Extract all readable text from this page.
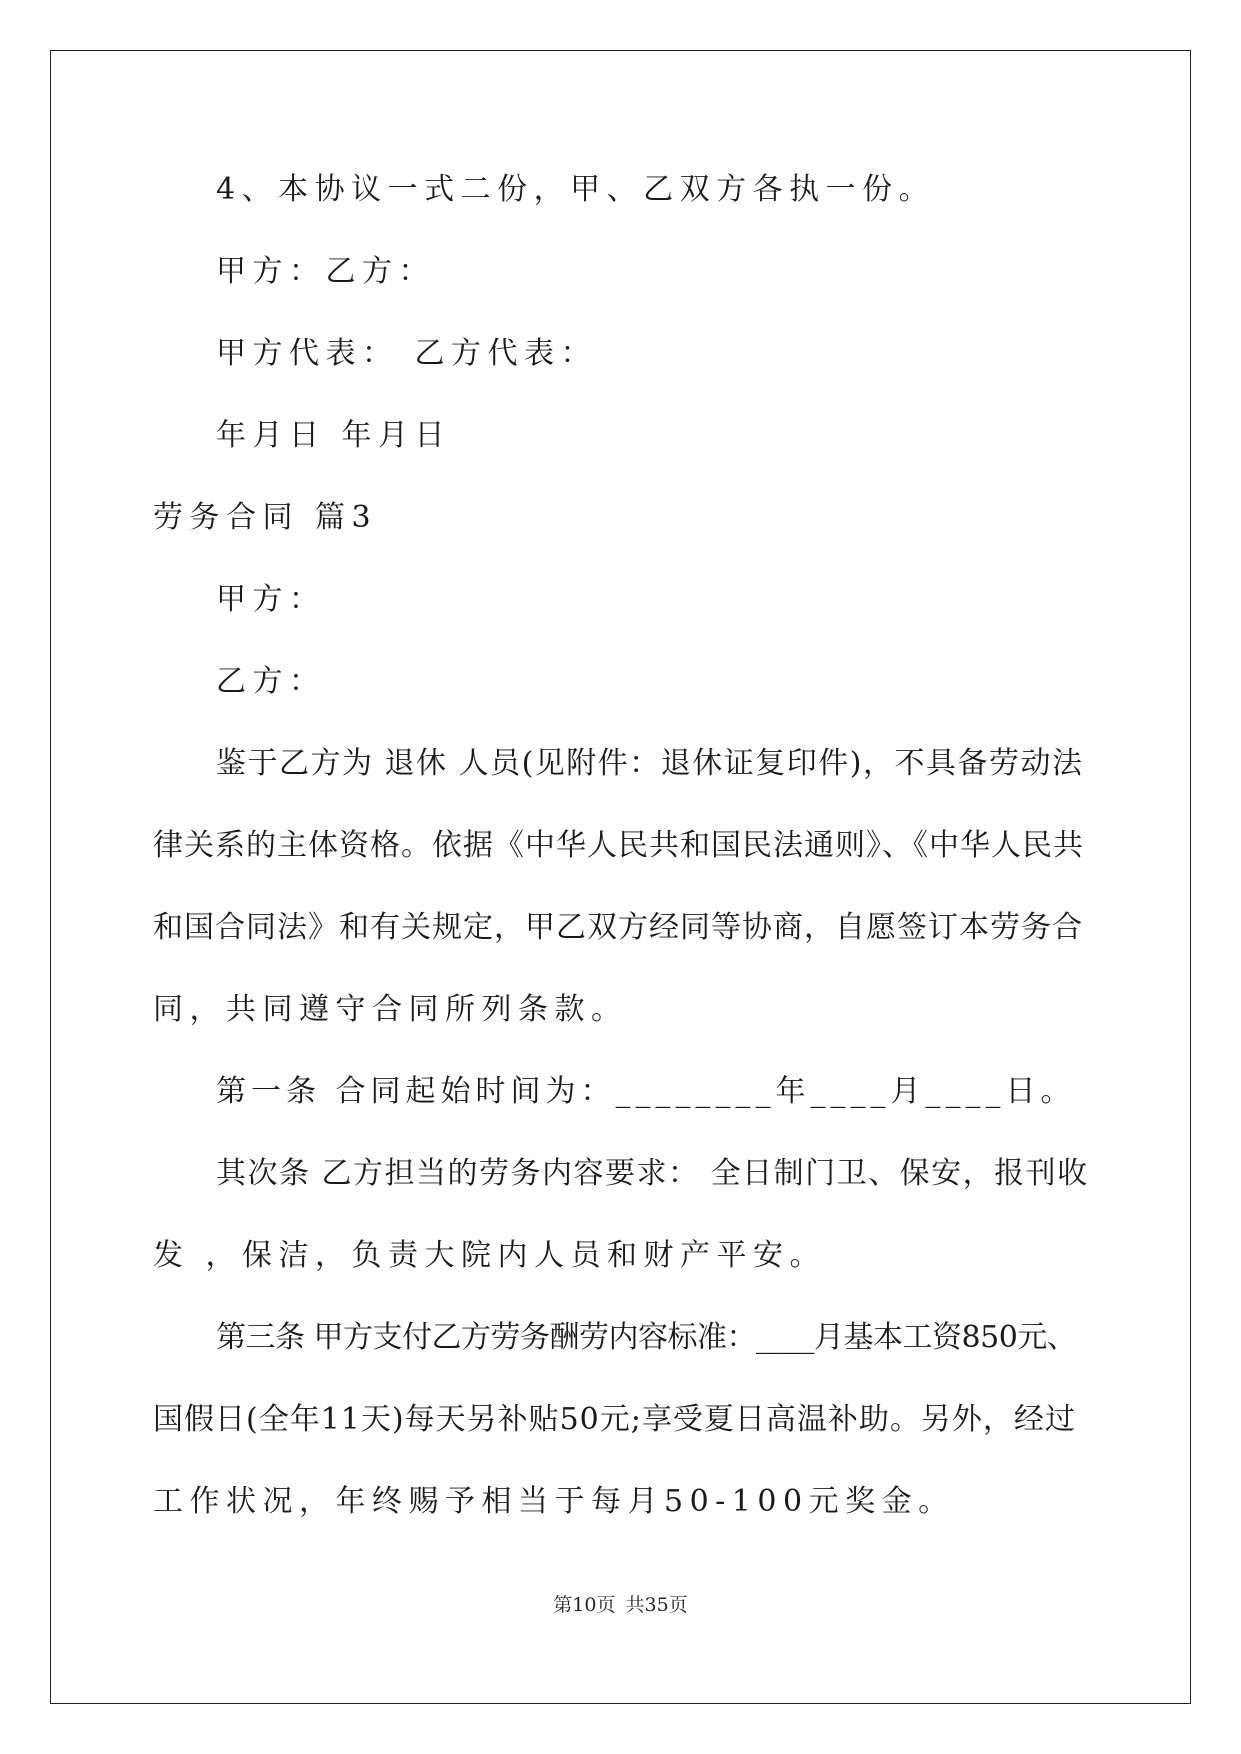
4、本协议一式二份，甲、乙双方各执一份。
甲方：乙方：
甲方代表： 乙方代表：
年月日 年月日
劳务合同 篇3
甲方：
乙方：
鉴于乙方为 退休 人员(见附件：退休证复印件)，不具备劳动法
律关系的主体资格。依据《中华人民共和国民法通则》、《中华人民共
和国合同法》和有关规定，甲乙双方经同等协商，自愿签订本劳务合
同，共同遵守合同所列条款。
第一条 合同起始时间为：________年____月____日。
其次条 乙方担当的劳务内容要求： 全日制门卫、保安，报刊收
发 ，保洁，负责大院内人员和财产平安。
第三条 甲方支付乙方劳务酬劳内容标准：____月基本工资850元、
国假日(全年11天)每天另补贴50元;享受夏日高温补助。另外，经过
工作状况，年终赐予相当于每月50-100元奖金。
第10页 共35页
